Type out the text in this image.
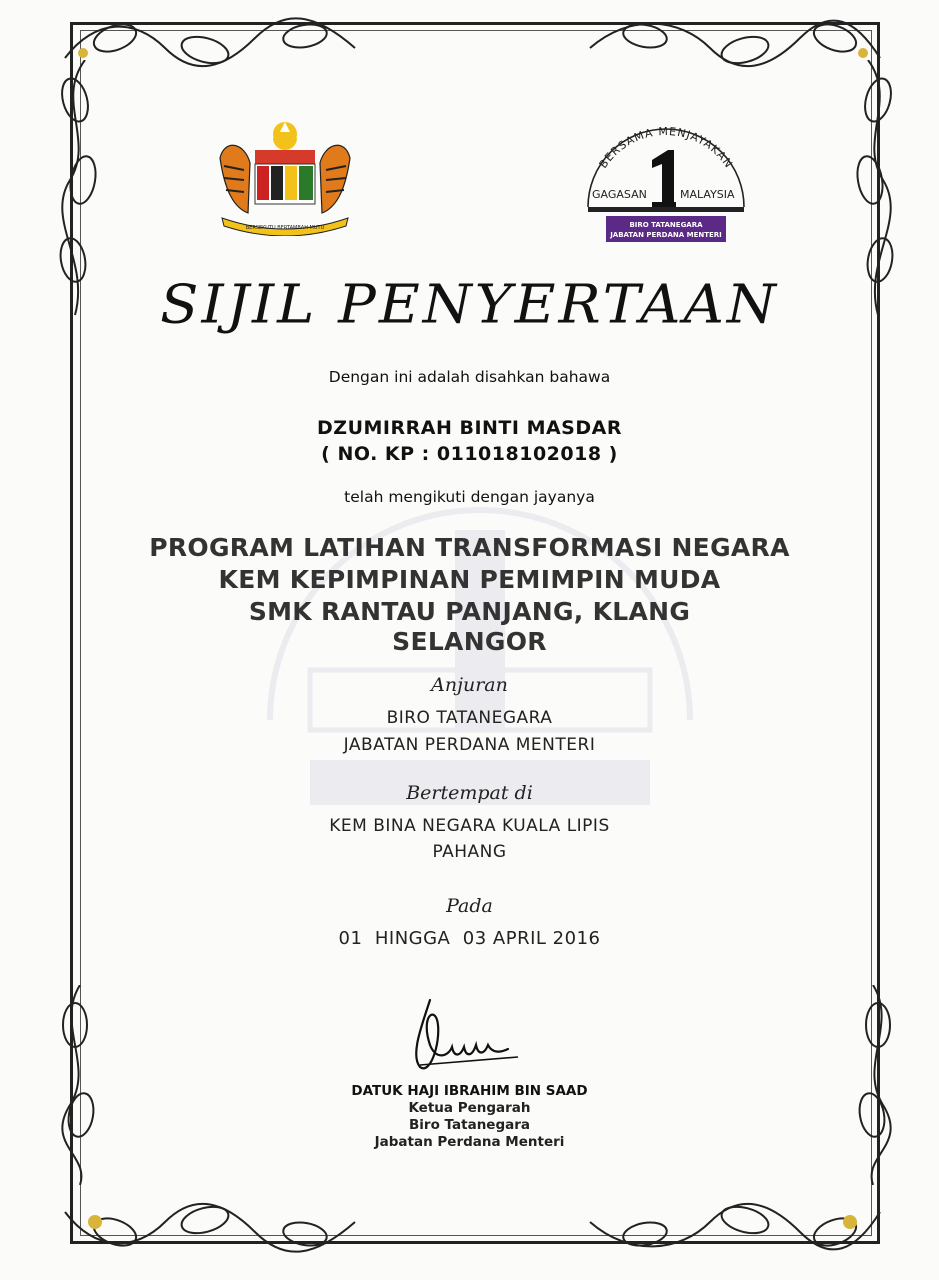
BERSEKUTU BERTAMBAH MUTU
BERSAMA MENJAYAKAN
GAGASAN	MALAYSIA
BIRO TATANEGARA
JABATAN PERDANA MENTERI
SIJIL PENYERTAAN
Dengan ini adalah disahkan bahawa
DZUMIRRAH BINTI MASDAR
( NO. KP : 011018102018 )
telah mengikuti dengan jayanya
PROGRAM LATIHAN TRANSFORMASI NEGARA
KEM KEPIMPINAN PEMIMPIN MUDA
SMK RANTAU PANJANG, KLANG
SELANGOR
Anjuran
BIRO TATANEGARA
JABATAN PERDANA MENTERI
Bertempat di
KEM BINA NEGARA KUALA LIPIS
PAHANG
Pada
01  HINGGA  03 APRIL 2016
DATUK HAJI IBRAHIM BIN SAAD
Ketua Pengarah
Biro Tatanegara
Jabatan Perdana Menteri
